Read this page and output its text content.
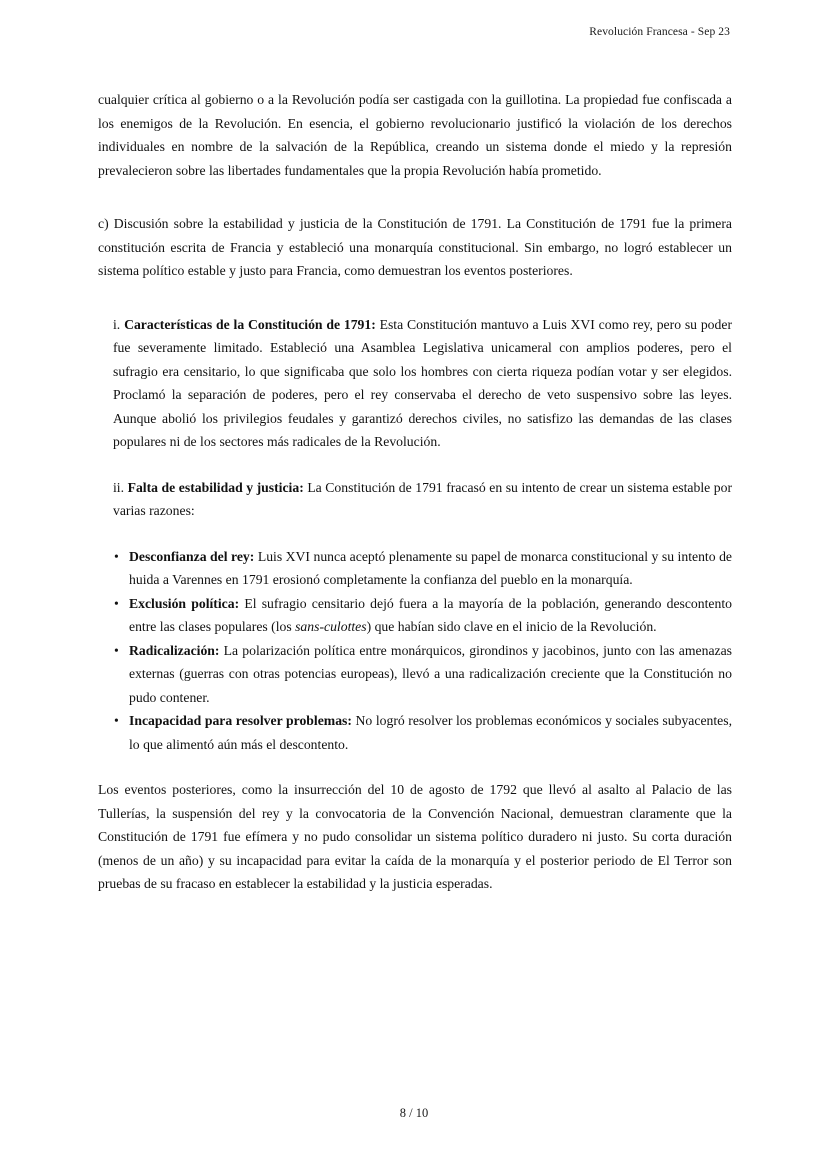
Revolución Francesa - Sep 23

cualquier crítica al gobierno o a la Revolución podía ser castigada con la guillotina. La propiedad fue confiscada a los enemigos de la Revolución. En esencia, el gobierno revolucionario justificó la violación de los derechos individuales en nombre de la salvación de la República, creando un sistema donde el miedo y la represión prevalecieron sobre las libertades fundamentales que la propia Revolución había prometido.

c) Discusión sobre la estabilidad y justicia de la Constitución de 1791. La Constitución de 1791 fue la primera constitución escrita de Francia y estableció una monarquía constitucional. Sin embargo, no logró establecer un sistema político estable y justo para Francia, como demuestran los eventos posteriores.

i. Características de la Constitución de 1791: Esta Constitución mantuvo a Luis XVI como rey, pero su poder fue severamente limitado. Estableció una Asamblea Legislativa unicameral con amplios poderes, pero el sufragio era censitario, lo que significaba que solo los hombres con cierta riqueza podían votar y ser elegidos. Proclamó la separación de poderes, pero el rey conservaba el derecho de veto suspensivo sobre las leyes. Aunque abolió los privilegios feudales y garantizó derechos civiles, no satisfizo las demandas de las clases populares ni de los sectores más radicales de la Revolución.

ii. Falta de estabilidad y justicia: La Constitución de 1791 fracasó en su intento de crear un sistema estable por varias razones:

• Desconfianza del rey: Luis XVI nunca aceptó plenamente su papel de monarca constitucional y su intento de huida a Varennes en 1791 erosionó completamente la confianza del pueblo en la monarquía.
• Exclusión política: El sufragio censitario dejó fuera a la mayoría de la población, generando descontento entre las clases populares (los sans-culottes) que habían sido clave en el inicio de la Revolución.
• Radicalización: La polarización política entre monárquicos, girondinos y jacobinos, junto con las amenazas externas (guerras con otras potencias europeas), llevó a una radicalización creciente que la Constitución no pudo contener.
• Incapacidad para resolver problemas: No logró resolver los problemas económicos y sociales subyacentes, lo que alimentó aún más el descontento.

Los eventos posteriores, como la insurrección del 10 de agosto de 1792 que llevó al asalto al Palacio de las Tullerías, la suspensión del rey y la convocatoria de la Convención Nacional, demuestran claramente que la Constitución de 1791 fue efímera y no pudo consolidar un sistema político duradero ni justo. Su corta duración (menos de un año) y su incapacidad para evitar la caída de la monarquía y el posterior periodo de El Terror son pruebas de su fracaso en establecer la estabilidad y la justicia esperadas.

8 / 10
